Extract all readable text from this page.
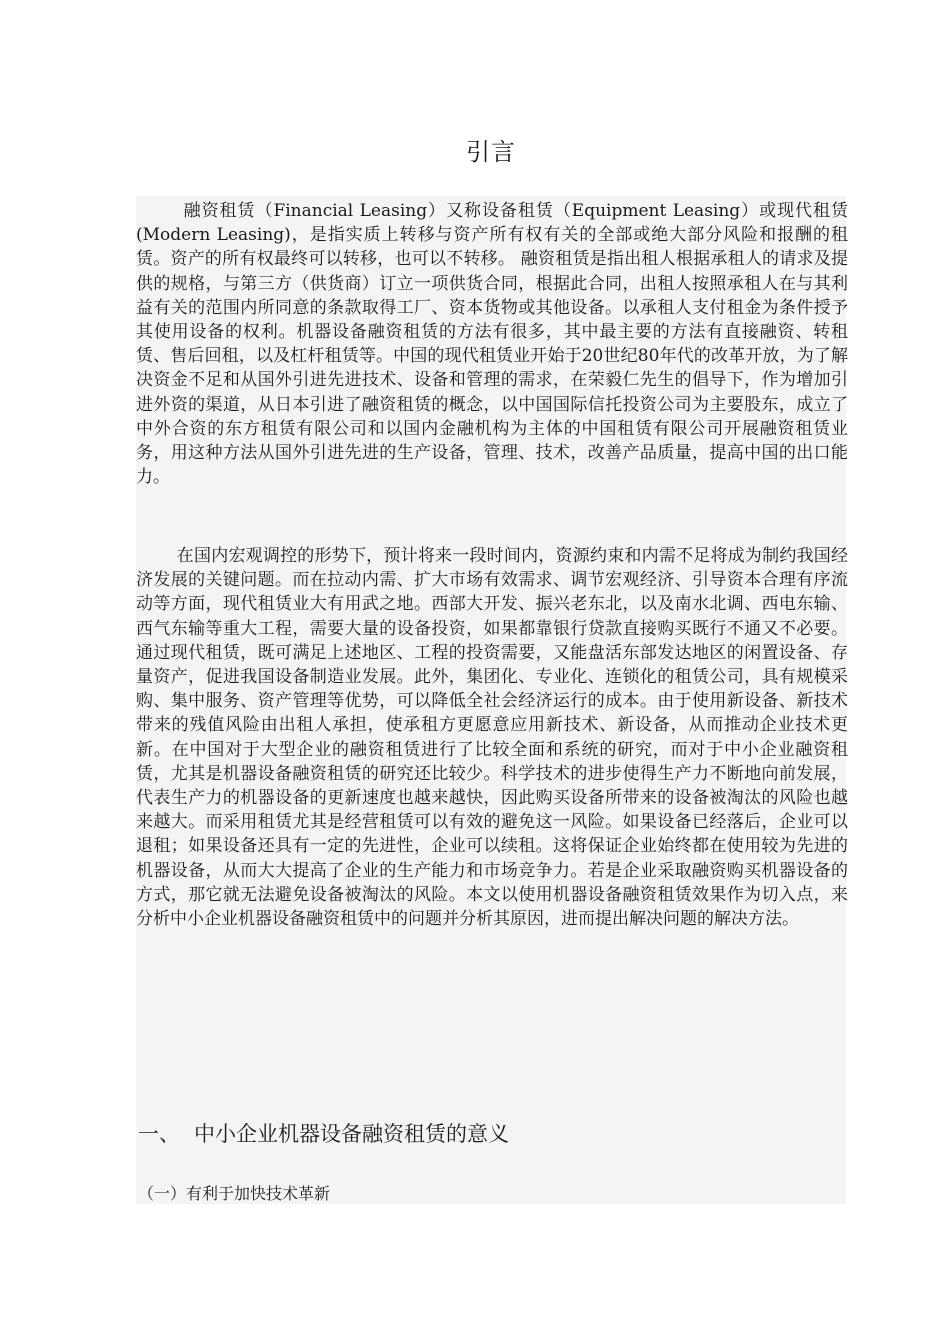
引言

融资租赁（Financial Leasing）又称设备租赁（Equipment Leasing）或现代租赁(Modern Leasing)，是指实质上转移与资产所有权有关的全部或绝大部分风险和报酬的租赁。资产的所有权最终可以转移，也可以不转移。 融资租赁是指出租人根据承租人的请求及提供的规格，与第三方（供货商）订立一项供货合同，根据此合同，出租人按照承租人在与其利益有关的范围内所同意的条款取得工厂、资本货物或其他设备。以承租人支付租金为条件授予其使用设备的权利。机器设备融资租赁的方法有很多，其中最主要的方法有直接融资、转租赁、售后回租，以及杠杆租赁等。中国的现代租赁业开始于20世纪80年代的改革开放，为了解决资金不足和从国外引进先进技术、设备和管理的需求，在荣毅仁先生的倡导下，作为增加引进外资的渠道，从日本引进了融资租赁的概念，以中国国际信托投资公司为主要股东，成立了中外合资的东方租赁有限公司和以国内金融机构为主体的中国租赁有限公司开展融资租赁业务，用这种方法从国外引进先进的生产设备，管理、技术，改善产品质量，提高中国的出口能力。

在国内宏观调控的形势下，预计将来一段时间内，资源约束和内需不足将成为制约我国经济发展的关键问题。而在拉动内需、扩大市场有效需求、调节宏观经济、引导资本合理有序流动等方面，现代租赁业大有用武之地。西部大开发、振兴老东北，以及南水北调、西电东输、西气东输等重大工程，需要大量的设备投资，如果都靠银行贷款直接购买既行不通又不必要。通过现代租赁，既可满足上述地区、工程的投资需要，又能盘活东部发达地区的闲置设备、存量资产，促进我国设备制造业发展。此外，集团化、专业化、连锁化的租赁公司，具有规模采购、集中服务、资产管理等优势，可以降低全社会经济运行的成本。由于使用新设备、新技术带来的残值风险由出租人承担，使承租方更愿意应用新技术、新设备，从而推动企业技术更新。在中国对于大型企业的融资租赁进行了比较全面和系统的研究，而对于中小企业融资租赁，尤其是机器设备融资租赁的研究还比较少。科学技术的进步使得生产力不断地向前发展，代表生产力的机器设备的更新速度也越来越快，因此购买设备所带来的设备被淘汰的风险也越来越大。而采用租赁尤其是经营租赁可以有效的避免这一风险。如果设备已经落后，企业可以退租；如果设备还具有一定的先进性，企业可以续租。这将保证企业始终都在使用较为先进的机器设备，从而大大提高了企业的生产能力和市场竞争力。若是企业采取融资购买机器设备的方式，那它就无法避免设备被淘汰的风险。本文以使用机器设备融资租赁效果作为切入点，来分析中小企业机器设备融资租赁中的问题并分析其原因，进而提出解决问题的解决方法。

一、 中小企业机器设备融资租赁的意义
（一）有利于加快技术革新
